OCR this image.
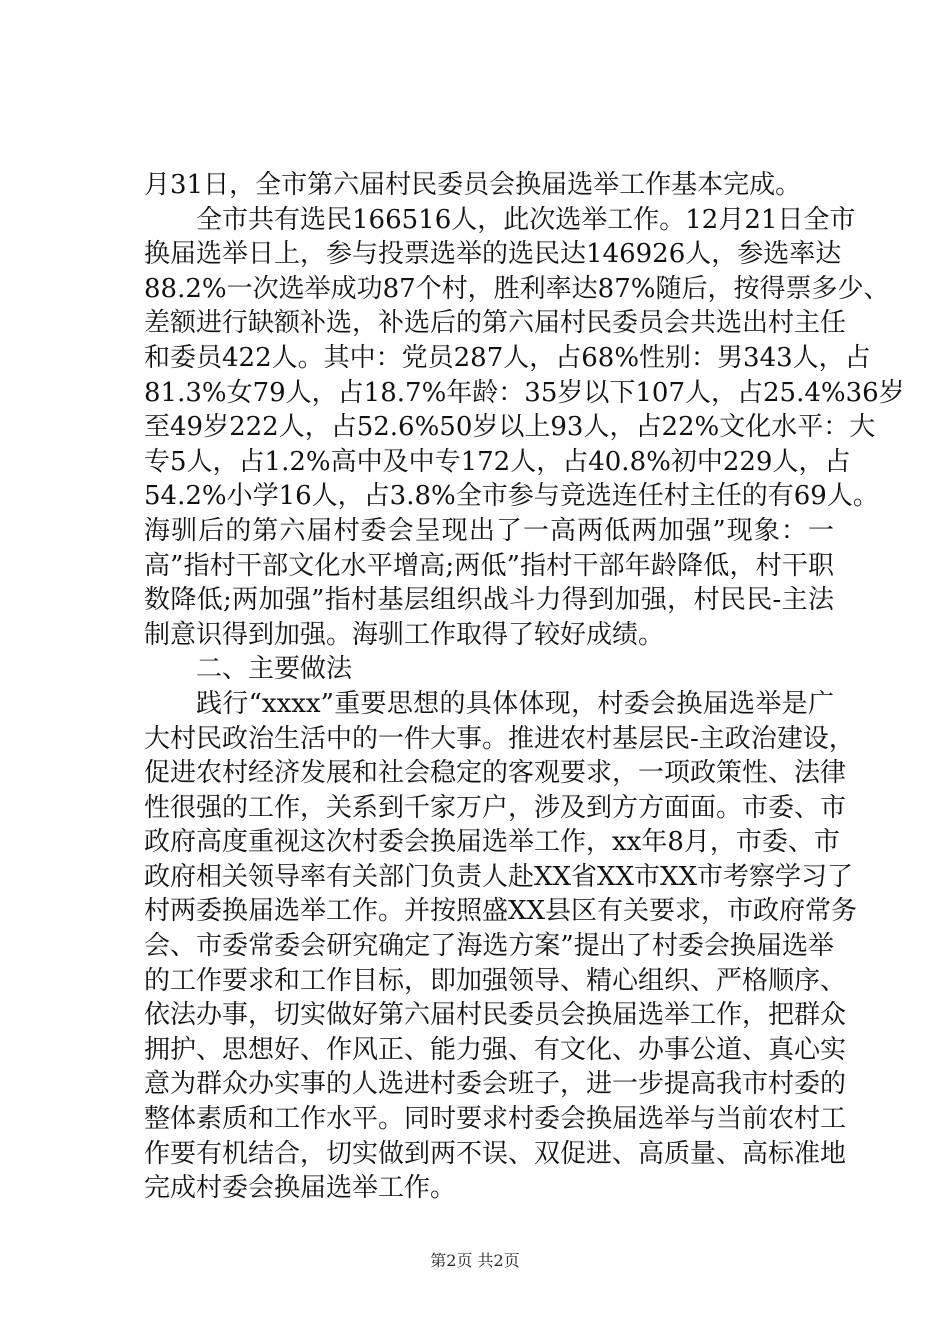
月31日，全市第六届村民委员会换届选举工作基本完成。
全市共有选民166516人，此次选举工作。12月21日全市
换届选举日上，参与投票选举的选民达146926人，参选率达
88.2%一次选举成功87个村，胜利率达87%随后，按得票多少、
差额进行缺额补选，补选后的第六届村民委员会共选出村主任
和委员422人。其中：党员287人，占68%性别：男343人，占
81.3%女79人，占18.7%年龄：35岁以下107人，占25.4%36岁
至49岁222人，占52.6%50岁以上93人，占22%文化水平：大
专5人，占1.2%高中及中专172人，占40.8%初中229人，占
54.2%小学16人，占3.8%全市参与竞选连任村主任的有69人。
海驯后的第六届村委会呈现出了一高两低两加强”现象：一
高”指村干部文化水平增高;两低”指村干部年龄降低，村干职
数降低;两加强”指村基层组织战斗力得到加强，村民民-主法
制意识得到加强。海驯工作取得了较好成绩。
二、主要做法
践行“xxxx”重要思想的具体体现，村委会换届选举是广
大村民政治生活中的一件大事。推进农村基层民-主政治建设，
促进农村经济发展和社会稳定的客观要求，一项政策性、法律
性很强的工作，关系到千家万户，涉及到方方面面。市委、市
政府高度重视这次村委会换届选举工作，xx年8月，市委、市
政府相关领导率有关部门负责人赴XX省XX市XX市考察学习了
村两委换届选举工作。并按照盛XX县区有关要求，市政府常务
会、市委常委会研究确定了海选方案”提出了村委会换届选举
的工作要求和工作目标，即加强领导、精心组织、严格顺序、
依法办事，切实做好第六届村民委员会换届选举工作，把群众
拥护、思想好、作风正、能力强、有文化、办事公道、真心实
意为群众办实事的人选进村委会班子，进一步提高我市村委的
整体素质和工作水平。同时要求村委会换届选举与当前农村工
作要有机结合，切实做到两不误、双促进、高质量、高标准地
完成村委会换届选举工作。
第2页 共2页
